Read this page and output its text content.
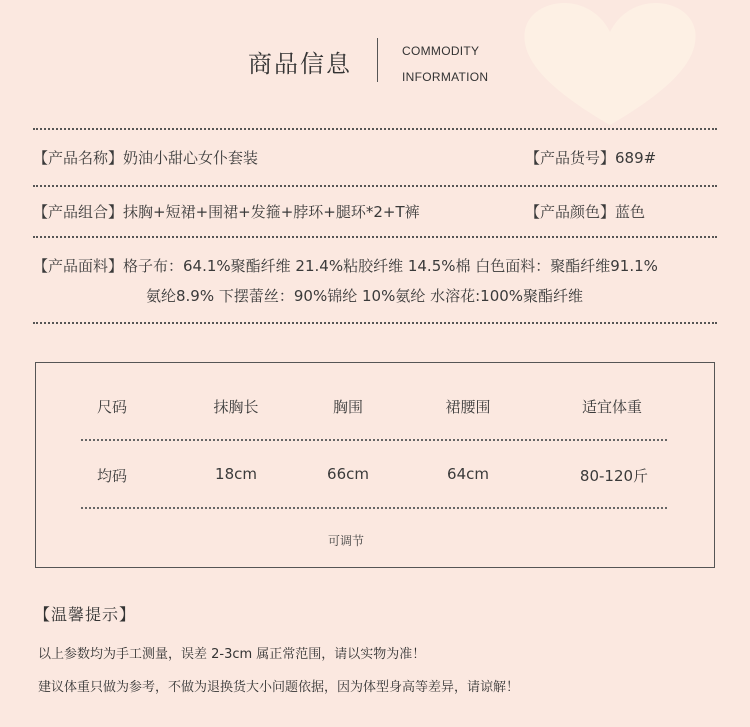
商品信息	COMMODITY
INFORMATION
【产品名称】奶油小甜心女仆套装	【产品货号】689#
【产品组合】抹胸+短裙+围裙+发箍+脖环+腿环*2+T裤	【产品颜色】蓝色
【产品面料】格子布：64.1%聚酯纤维 21.4%粘胶纤维 14.5%棉 白色面料：聚酯纤维91.1%
氨纶8.9% 下摆蕾丝：90%锦纶 10%氨纶 水溶花:100%聚酯纤维
尺码	抹胸长	胸围	裙腰围	适宜体重
均码	18cm	66cm	64cm	80-120斤
可调节
【温馨提示】
以上参数均为手工测量，误差 2-3cm 属正常范围，请以实物为准！
建议体重只做为参考，不做为退换货大小问题依据，因为体型身高等差异，请谅解！
